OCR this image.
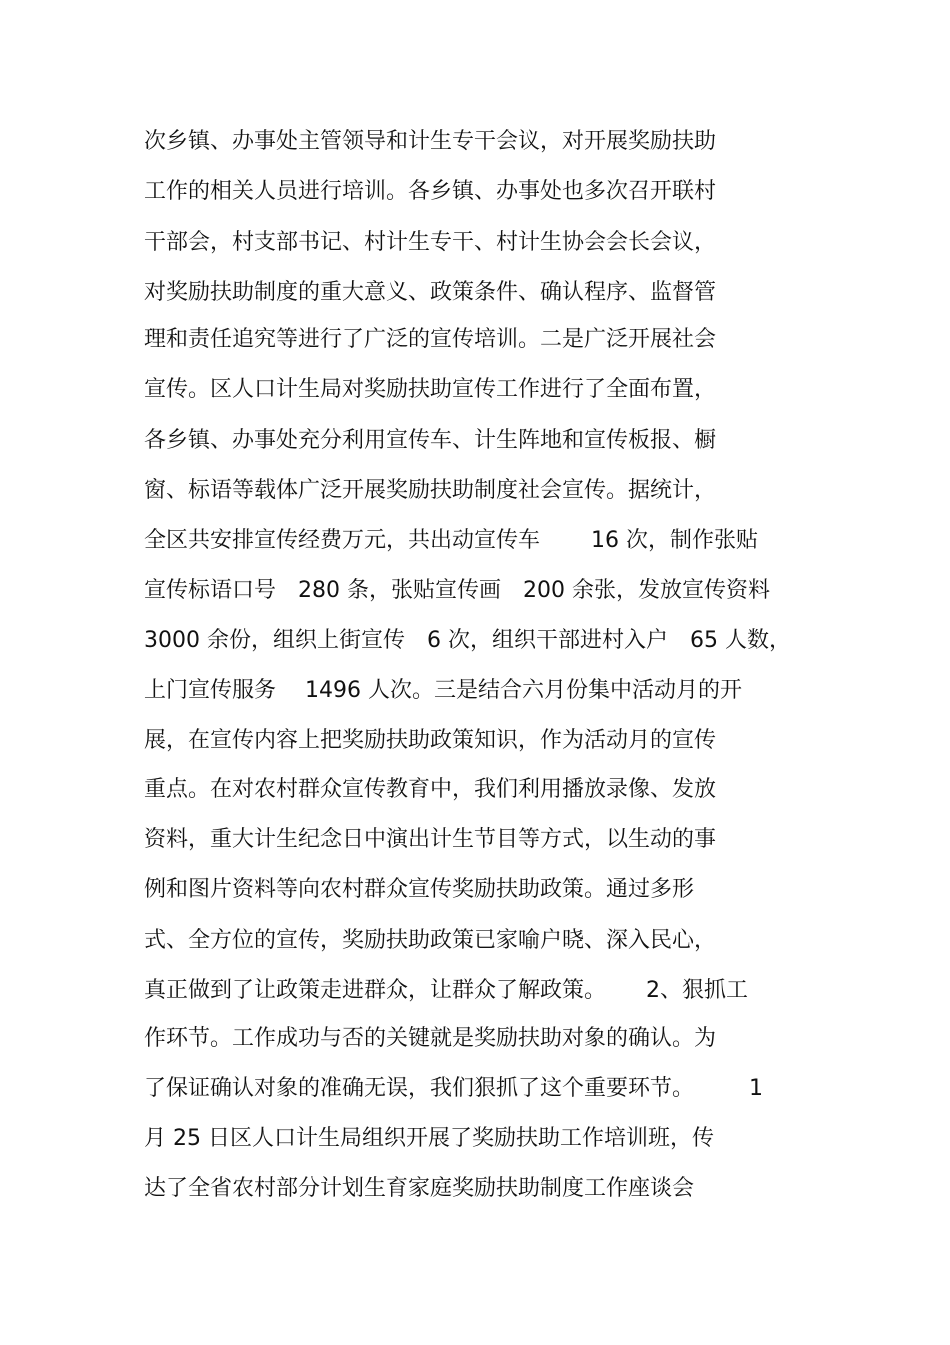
次乡镇、办事处主管领导和计生专干会议，对开展奖励扶助
工作的相关人员进行培训。各乡镇、办事处也多次召开联村
干部会，村支部书记、村计生专干、村计生协会会长会议，
对奖励扶助制度的重大意义、政策条件、确认程序、监督管
理和责任追究等进行了广泛的宣传培训。二是广泛开展社会
宣传。区人口计生局对奖励扶助宣传工作进行了全面布置，
各乡镇、办事处充分利用宣传车、计生阵地和宣传板报、橱
窗、标语等载体广泛开展奖励扶助制度社会宣传。据统计，
全区共安排宣传经费万元，共出动宣传车　　 16 次，制作张贴
宣传标语口号　280 条，张贴宣传画　200 余张，发放宣传资料
3000 余份，组织上街宣传　6 次，组织干部进村入户　65 人数，
上门宣传服务　 1496 人次。三是结合六月份集中活动月的开
展，在宣传内容上把奖励扶助政策知识，作为活动月的宣传
重点。在对农村群众宣传教育中，我们利用播放录像、发放
资料，重大计生纪念日中演出计生节目等方式，以生动的事
例和图片资料等向农村群众宣传奖励扶助政策。通过多形
式、全方位的宣传，奖励扶助政策已家喻户晓、深入民心，
真正做到了让政策走进群众，让群众了解政策。　　 2、狠抓工
作环节。工作成功与否的关键就是奖励扶助对象的确认。为
了保证确认对象的准确无误，我们狠抓了这个重要环节。　　　1
月 25 日区人口计生局组织开展了奖励扶助工作培训班，传
达了全省农村部分计划生育家庭奖励扶助制度工作座谈会
